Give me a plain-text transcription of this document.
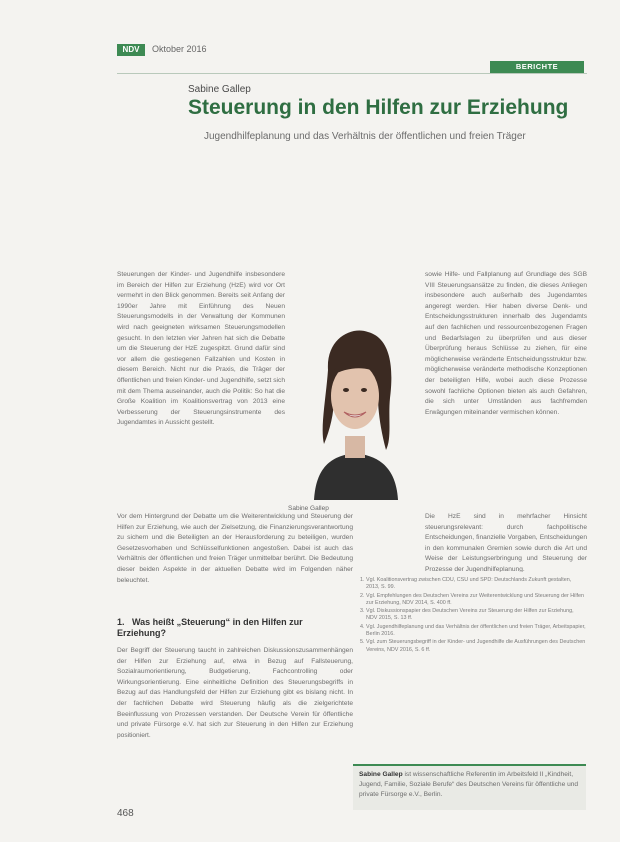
NDV	Oktober 2016
BERICHTE
Sabine Gallep
Steuerung in den Hilfen zur Erziehung
Jugendhilfeplanung und das Verhältnis der öffentlichen und freien Träger

Steuerungen der Kinder- und Jugendhilfe insbesondere im Bereich der Hilfen zur Erziehung (HzE) wird vor Ort vermehrt in den Blick genommen. Bereits seit Anfang der 1990er Jahre mit Einführung des Neuen Steuerungsmodells in der Verwaltung der Kommunen wird nach geeigneten wirksamen Steuerungsmodellen gesucht. In den letzten vier Jahren hat sich die Debatte um die Steuerung der HzE zugespitzt. Grund dafür sind vor allem die gestiegenen Fallzahlen und Kosten in diesem Bereich. Nicht nur die Praxis, die Träger der öffentlichen und freien Kinder- und Jugendhilfe, setzt sich mit dem Thema auseinander, auch die Politik: So hat die Große Koalition im Koalitionsvertrag von 2013 eine Verbesserung der Steuerungsinstrumente des Jugendamtes in Aussicht gestellt.

sowie Hilfe- und Fallplanung auf Grundlage des SGB VIII Steuerungsansätze zu finden, die dieses Anliegen insbesondere auch außerhalb des Jugendamtes angeregt werden. Hier haben diverse Denk- und Entscheidungsstrukturen innerhalb des Jugendamts auf den fachlichen und ressourcenbezogenen Fragen und Bedarfslagen zu überprüfen und aus dieser Überprüfung heraus Schlüsse zu ziehen, für eine möglicherweise veränderte Entscheidungsstruktur bzw. möglicherweise veränderte methodische Konzeptionen der beteiligten Hilfe, wobei auch diese Prozesse sowohl fachliche Optionen bieten als auch Gefahren, die sich unter Umständen aus fachfremden Erwägungen miteinander vermischen können.

Sabine Gallep

Vor dem Hintergrund der Debatte um die Weiterentwicklung und Steuerung der Hilfen zur Erziehung, wie auch der Zielsetzung, die Finanzierungsverantwortung zu sichern und die Beteiligten an der Herausforderung zu beteiligen, wurden Gesetzesvorhaben und Schlüsselfunktionen angestoßen. Dabei ist auch das Verhältnis der öffentlichen und freien Träger unmittelbar berührt. Die Bedeutung dieser beiden Aspekte in der aktuellen Debatte wird im Folgenden näher beleuchtet.

Die HzE sind in mehrfacher Hinsicht steuerungsrelevant: durch fachpolitische Entscheidungen, finanzielle Vorgaben, Entscheidungen in den kommunalen Gremien sowie durch die Art und Weise der Leistungserbringung und Steuerung der Prozesse der Jugendhilfeplanung.

1. Was heißt „Steuerung“ in den Hilfen zur Erziehung?

Der Begriff der Steuerung taucht in zahlreichen Diskussionszusammenhängen der Hilfen zur Erziehung auf, etwa in Bezug auf Fallsteuerung, Sozialraumorientierung, Budgetierung, Fachcontrolling oder Wirkungsorientierung. Eine einheitliche Definition des Steuerungsbegriffs in Bezug auf das Handlungsfeld der Hilfen zur Erziehung gibt es bislang nicht. In der fachlichen Debatte wird Steuerung häufig als die zielgerichtete Beeinflussung von Prozessen verstanden. Der Deutsche Verein für öffentliche und private Fürsorge e.V. hat sich zur Steuerung in den Hilfen zur Erziehung positioniert.

1. Vgl. Koalitionsvertrag zwischen CDU, CSU und SPD: Deutschlands Zukunft gestalten, 2013, S. 99.
2. Vgl. Empfehlungen des Deutschen Vereins zur Weiterentwicklung und Steuerung der Hilfen zur Erziehung, NDV 2014, S. 400 ff.
3. Vgl. Diskussionspapier des Deutschen Vereins zur Steuerung der Hilfen zur Erziehung, NDV 2015, S. 13 ff.
4. Vgl. Jugendhilfeplanung und das Verhältnis der öffentlichen und freien Träger, Arbeitspapier, Berlin 2016.
5. Vgl. zum Steuerungsbegriff in der Kinder- und Jugendhilfe die Ausführungen des Deutschen Vereins, NDV 2016, S. 6 ff.
Sabine Gallep ist wissenschaftliche Referentin im Arbeitsfeld II „Kindheit, Jugend, Familie, Soziale Berufe“ des Deutschen Vereins für öffentliche und private Fürsorge e.V., Berlin.
468
